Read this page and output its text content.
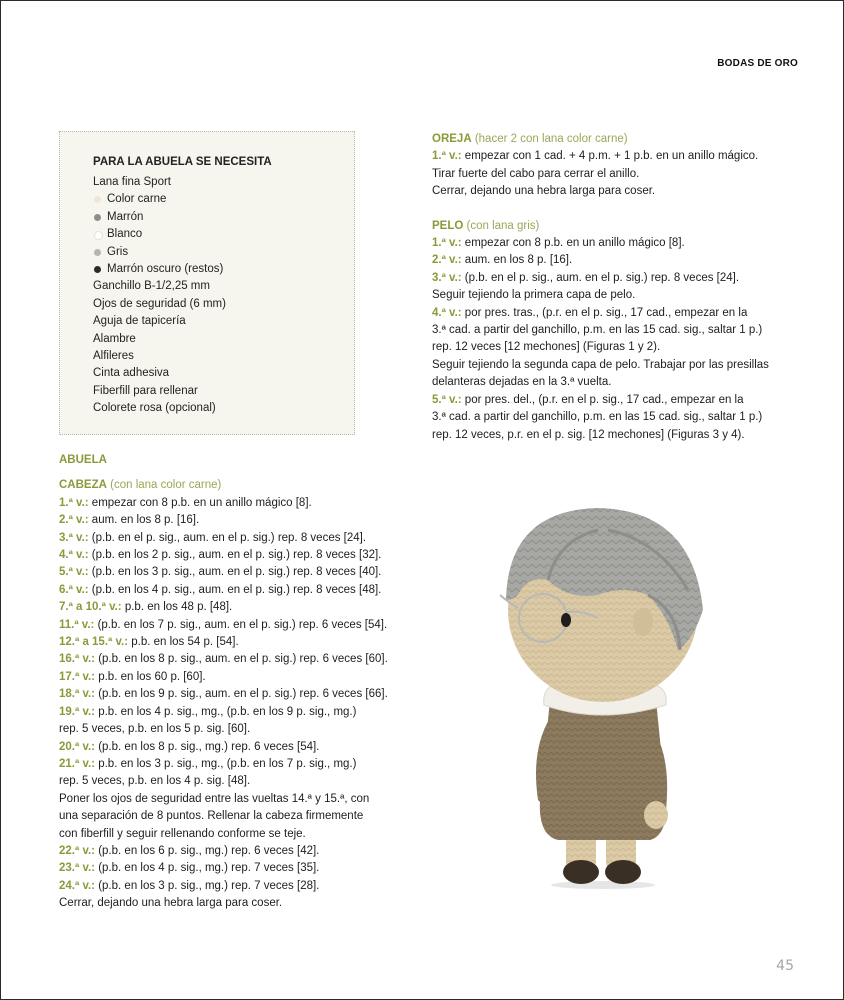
BODAS DE ORO
PARA LA ABUELA SE NECESITA
Lana fina Sport
Color carne
Marrón
Blanco
Gris
Marrón oscuro (restos)
Ganchillo B-1/2,25 mm
Ojos de seguridad (6 mm)
Aguja de tapicería
Alambre
Alfileres
Cinta adhesiva
Fiberfill para rellenar
Colorete rosa (opcional)
ABUELA
CABEZA (con lana color carne)

1.ª v.: empezar con 8 p.b. en un anillo mágico [8].

2.ª v.: aum. en los 8 p. [16].

3.ª v.: (p.b. en el p. sig., aum. en el p. sig.) rep. 8 veces [24].

4.ª v.: (p.b. en los 2 p. sig., aum. en el p. sig.) rep. 8 veces [32].

5.ª v.: (p.b. en los 3 p. sig., aum. en el p. sig.) rep. 8 veces [40].

6.ª v.: (p.b. en los 4 p. sig., aum. en el p. sig.) rep. 8 veces [48].

7.ª a 10.ª v.: p.b. en los 48 p. [48].

11.ª v.: (p.b. en los 7 p. sig., aum. en el p. sig.) rep. 6 veces [54].

12.ª a 15.ª v.: p.b. en los 54 p. [54].

16.ª v.: (p.b. en los 8 p. sig., aum. en el p. sig.) rep. 6 veces [60].

17.ª v.: p.b. en los 60 p. [60].

18.ª v.: (p.b. en los 9 p. sig., aum. en el p. sig.) rep. 6 veces [66].

19.ª v.: p.b. en los 4 p. sig., mg., (p.b. en los 9 p. sig., mg.)

rep. 5 veces, p.b. en los 5 p. sig. [60].

20.ª v.: (p.b. en los 8 p. sig., mg.) rep. 6 veces [54].

21.ª v.: p.b. en los 3 p. sig., mg., (p.b. en los 7 p. sig., mg.)

rep. 5 veces, p.b. en los 4 p. sig. [48].

Poner los ojos de seguridad entre las vueltas 14.ª y 15.ª, con

una separación de 8 puntos. Rellenar la cabeza firmemente

con fiberfill y seguir rellenando conforme se teje.

22.ª v.: (p.b. en los 6 p. sig., mg.) rep. 6 veces [42].

23.ª v.: (p.b. en los 4 p. sig., mg.) rep. 7 veces [35].

24.ª v.: (p.b. en los 3 p. sig., mg.) rep. 7 veces [28].

Cerrar, dejando una hebra larga para coser.

OREJA (hacer 2 con lana color carne)

1.ª v.: empezar con 1 cad. + 4 p.m. + 1 p.b. en un anillo mágico.

Tirar fuerte del cabo para cerrar el anillo.

Cerrar, dejando una hebra larga para coser.

PELO (con lana gris)

1.ª v.: empezar con 8 p.b. en un anillo mágico [8].

2.ª v.: aum. en los 8 p. [16].

3.ª v.: (p.b. en el p. sig., aum. en el p. sig.) rep. 8 veces [24].

Seguir tejiendo la primera capa de pelo.

4.ª v.: por pres. tras., (p.r. en el p. sig., 17 cad., empezar en la

3.ª cad. a partir del ganchillo, p.m. en las 15 cad. sig., saltar 1 p.)

rep. 12 veces [12 mechones] (Figuras 1 y 2).

Seguir tejiendo la segunda capa de pelo. Trabajar por las presillas

delanteras dejadas en la 3.ª vuelta.

5.ª v.: por pres. del., (p.r. en el p. sig., 17 cad., empezar en la

3.ª cad. a partir del ganchillo, p.m. en las 15 cad. sig., saltar 1 p.)

rep. 12 veces, p.r. en el p. sig. [12 mechones] (Figuras 3 y 4).

45
